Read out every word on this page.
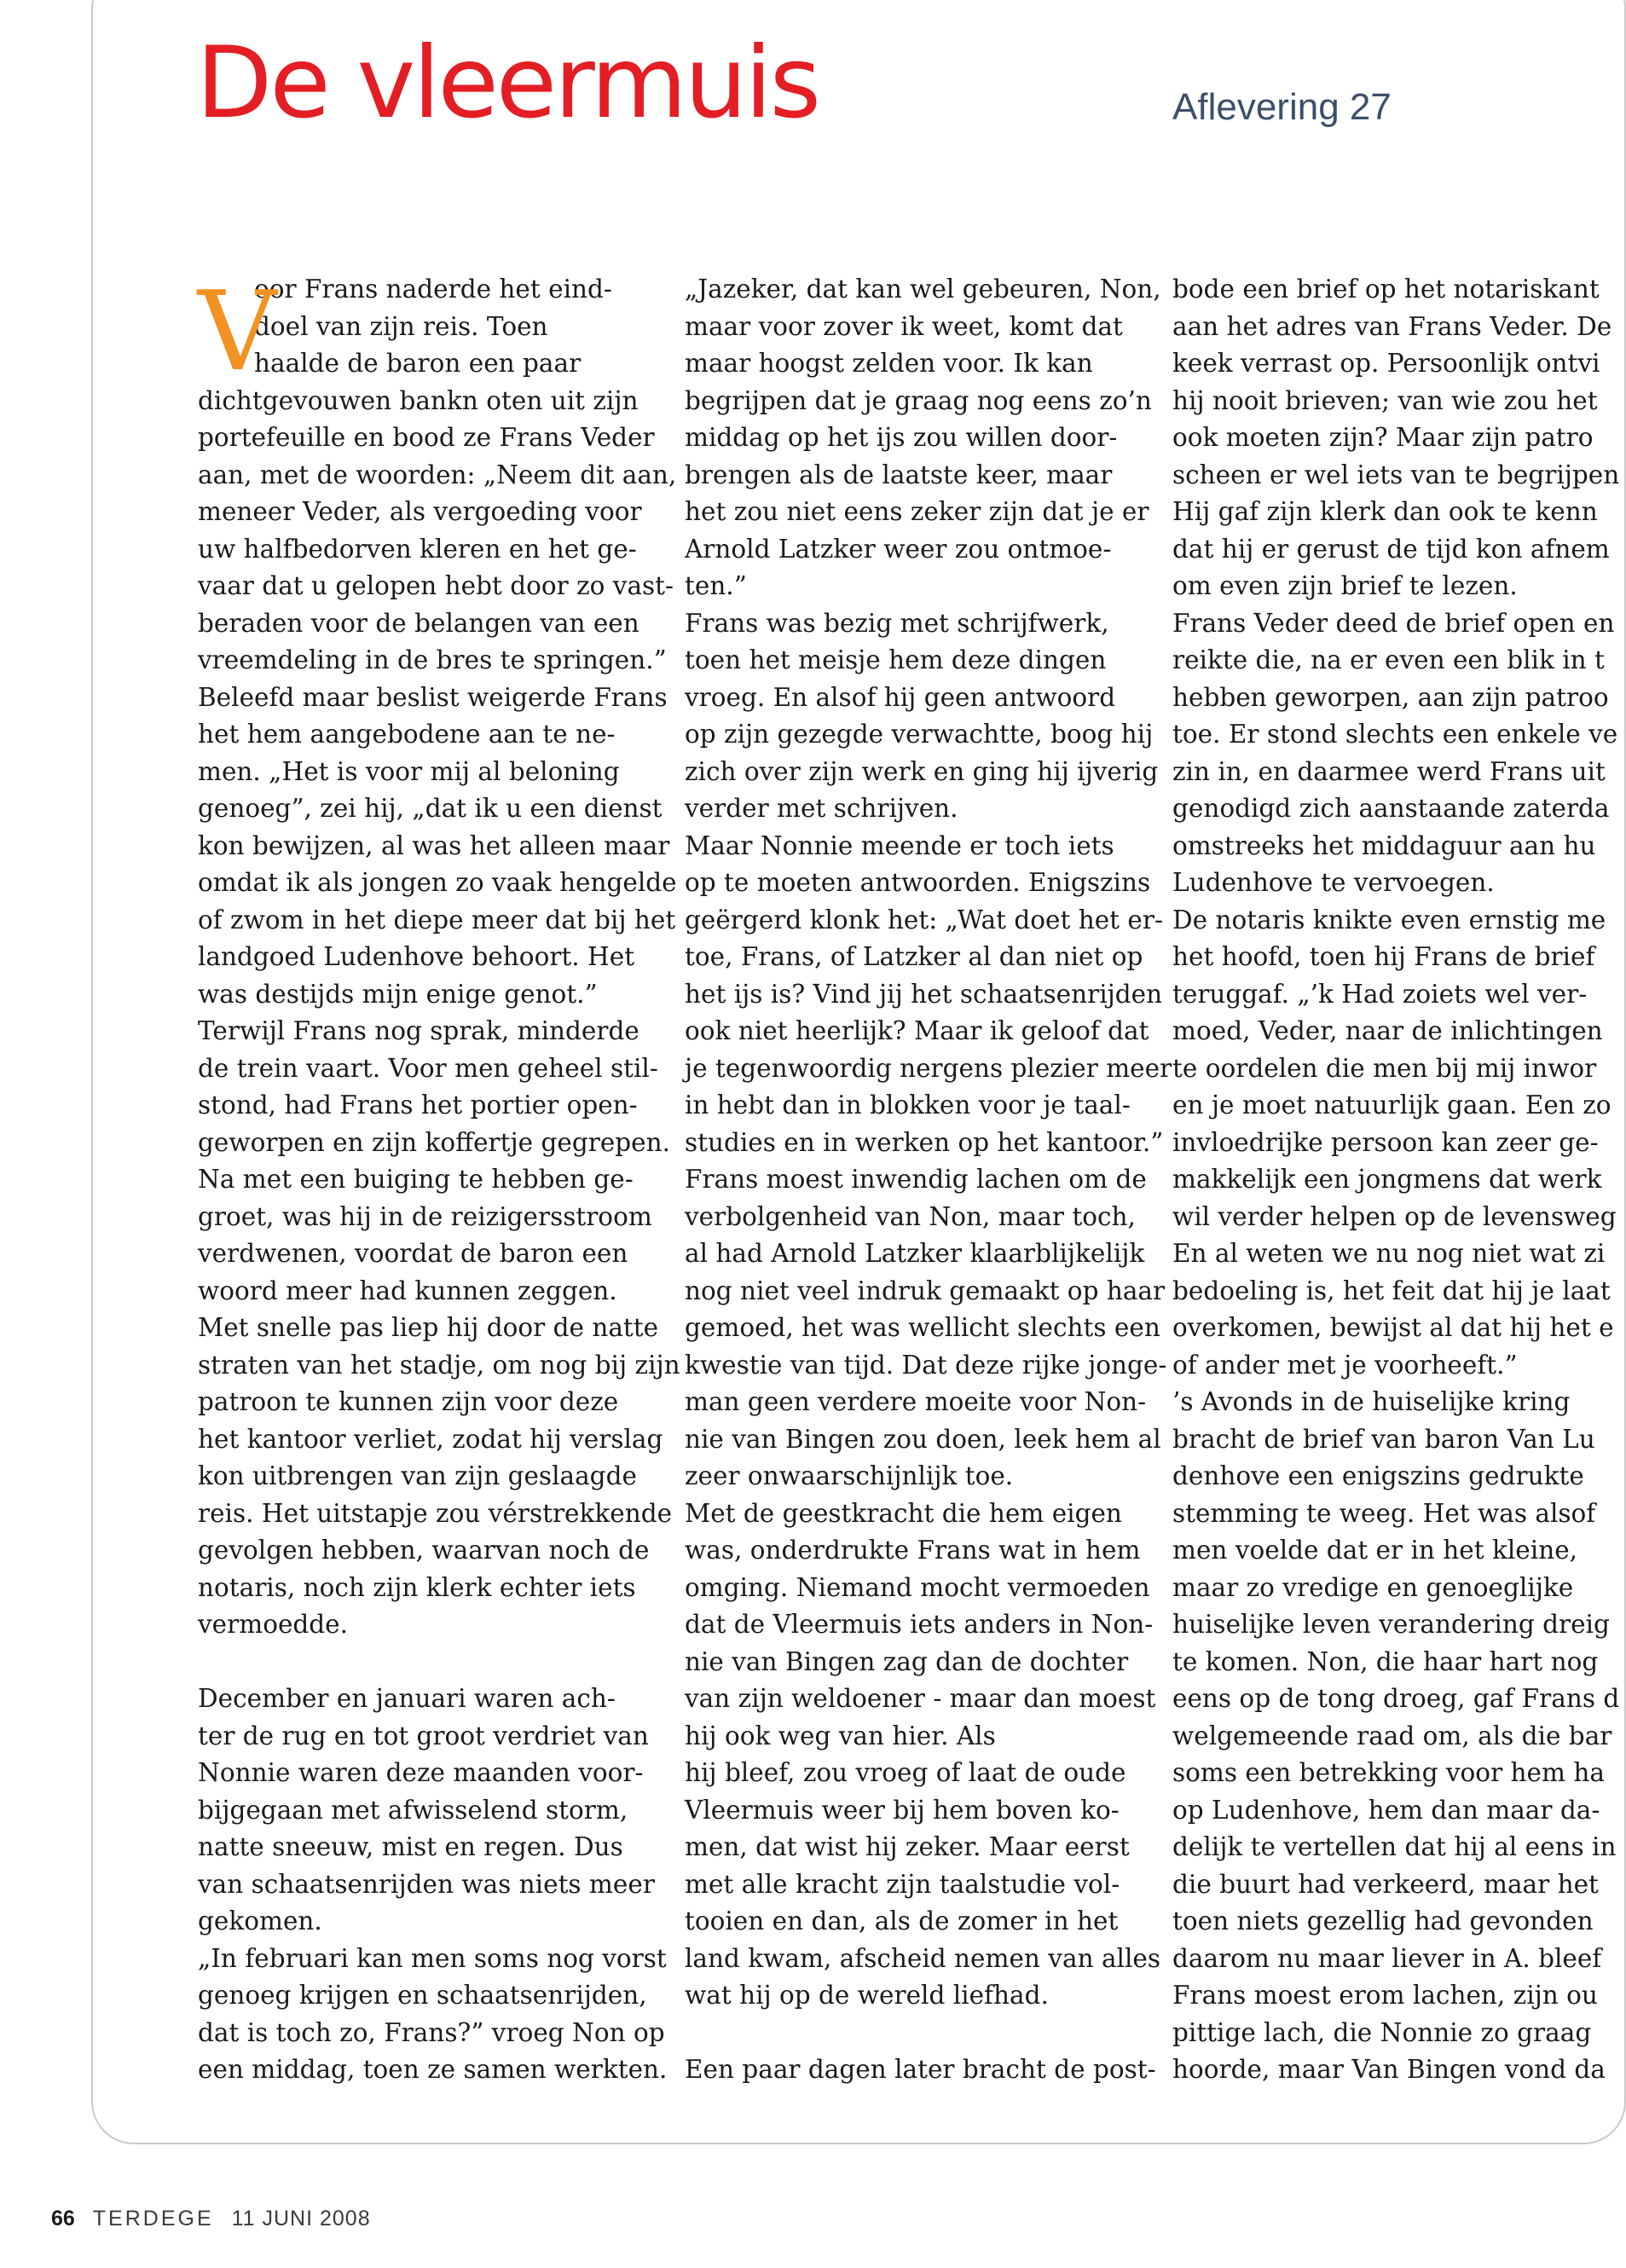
De vleermuis	Aflevering 27
V
oor Frans naderde het eind-
doel van zijn reis. Toen
haalde de baron een paar
dichtgevouwen bankn oten uit zijn
portefeuille en bood ze Frans Veder
aan, met de woorden: „Neem dit aan,
meneer Veder, als vergoeding voor
uw halfbedorven kleren en het ge-
vaar dat u gelopen hebt door zo vast-
beraden voor de belangen van een
vreemdeling in de bres te springen.”
Beleefd maar beslist weigerde Frans
het hem aangebodene aan te ne-
men. „Het is voor mij al beloning
genoeg”, zei hij, „dat ik u een dienst
kon bewijzen, al was het alleen maar
omdat ik als jongen zo vaak hengelde
of zwom in het diepe meer dat bij het
landgoed Ludenhove behoort. Het
was destijds mijn enige genot.”
Terwijl Frans nog sprak, minderde
de trein vaart. Voor men geheel stil-
stond, had Frans het portier open-
geworpen en zijn koffertje gegrepen.
Na met een buiging te hebben ge-
groet, was hij in de reizigersstroom
verdwenen, voordat de baron een
woord meer had kunnen zeggen.
Met snelle pas liep hij door de natte
straten van het stadje, om nog bij zijn
patroon te kunnen zijn voor deze
het kantoor verliet, zodat hij verslag
kon uitbrengen van zijn geslaagde
reis. Het uitstapje zou vérstrekkende
gevolgen hebben, waarvan noch de
notaris, noch zijn klerk echter iets
vermoedde.
December en januari waren ach-
ter de rug en tot groot verdriet van
Nonnie waren deze maanden voor-
bijgegaan met afwisselend storm,
natte sneeuw, mist en regen. Dus
van schaatsenrijden was niets meer
gekomen.
„In februari kan men soms nog vorst
genoeg krijgen en schaatsenrijden,
dat is toch zo, Frans?” vroeg Non op
een middag, toen ze samen werkten.
„Jazeker, dat kan wel gebeuren, Non,
maar voor zover ik weet, komt dat
maar hoogst zelden voor. Ik kan
begrijpen dat je graag nog eens zo’n
middag op het ijs zou willen door-
brengen als de laatste keer, maar
het zou niet eens zeker zijn dat je er
Arnold Latzker weer zou ontmoe-
ten.”
Frans was bezig met schrijfwerk,
toen het meisje hem deze dingen
vroeg. En alsof hij geen antwoord
op zijn gezegde verwachtte, boog hij
zich over zijn werk en ging hij ijverig
verder met schrijven.
Maar Nonnie meende er toch iets
op te moeten antwoorden. Enigszins
geërgerd klonk het: „Wat doet het er-
toe, Frans, of Latzker al dan niet op
het ijs is? Vind jij het schaatsenrijden
ook niet heerlijk? Maar ik geloof dat
je tegenwoordig nergens plezier meer
in hebt dan in blokken voor je taal-
studies en in werken op het kantoor.”
Frans moest inwendig lachen om de
verbolgenheid van Non, maar toch,
al had Arnold Latzker klaarblijkelijk
nog niet veel indruk gemaakt op haar
gemoed, het was wellicht slechts een
kwestie van tijd. Dat deze rijke jonge-
man geen verdere moeite voor Non-
nie van Bingen zou doen, leek hem al
zeer onwaarschijnlijk toe.
Met de geestkracht die hem eigen
was, onderdrukte Frans wat in hem
omging. Niemand mocht vermoeden
dat de Vleermuis iets anders in Non-
nie van Bingen zag dan de dochter
van zijn weldoener - maar dan moest
hij ook weg van hier. Als
hij bleef, zou vroeg of laat de oude
Vleermuis weer bij hem boven ko-
men, dat wist hij zeker. Maar eerst
met alle kracht zijn taalstudie vol-
tooien en dan, als de zomer in het
land kwam, afscheid nemen van alles
wat hij op de wereld liefhad.
Een paar dagen later bracht de post-
bode een brief op het notariskant
aan het adres van Frans Veder. De
keek verrast op. Persoonlijk ontvi
hij nooit brieven; van wie zou het
ook moeten zijn? Maar zijn patro
scheen er wel iets van te begrijpen
Hij gaf zijn klerk dan ook te kenn
dat hij er gerust de tijd kon afnem
om even zijn brief te lezen.
Frans Veder deed de brief open en
reikte die, na er even een blik in t
hebben geworpen, aan zijn patroo
toe. Er stond slechts een enkele ve
zin in, en daarmee werd Frans uit
genodigd zich aanstaande zaterda
omstreeks het middaguur aan hu
Ludenhove te vervoegen.
De notaris knikte even ernstig me
het hoofd, toen hij Frans de brief
teruggaf. „’k Had zoiets wel ver-
moed, Veder, naar de inlichtingen
te oordelen die men bij mij inwor
en je moet natuurlijk gaan. Een zo
invloedrijke persoon kan zeer ge-
makkelijk een jongmens dat werk
wil verder helpen op de levensweg
En al weten we nu nog niet wat zi
bedoeling is, het feit dat hij je laat
overkomen, bewijst al dat hij het e
of ander met je voorheeft.”
’s Avonds in de huiselijke kring
bracht de brief van baron Van Lu
denhove een enigszins gedrukte
stemming te weeg. Het was alsof
men voelde dat er in het kleine,
maar zo vredige en genoeglijke
huiselijke leven verandering dreig
te komen. Non, die haar hart nog
eens op de tong droeg, gaf Frans d
welgemeende raad om, als die bar
soms een betrekking voor hem ha
op Ludenhove, hem dan maar da-
delijk te vertellen dat hij al eens in
die buurt had verkeerd, maar het
toen niets gezellig had gevonden
daarom nu maar liever in A. bleef
Frans moest erom lachen, zijn ou
pittige lach, die Nonnie zo graag
hoorde, maar Van Bingen vond da
66 TERDEGE 11 JUNI 2008
